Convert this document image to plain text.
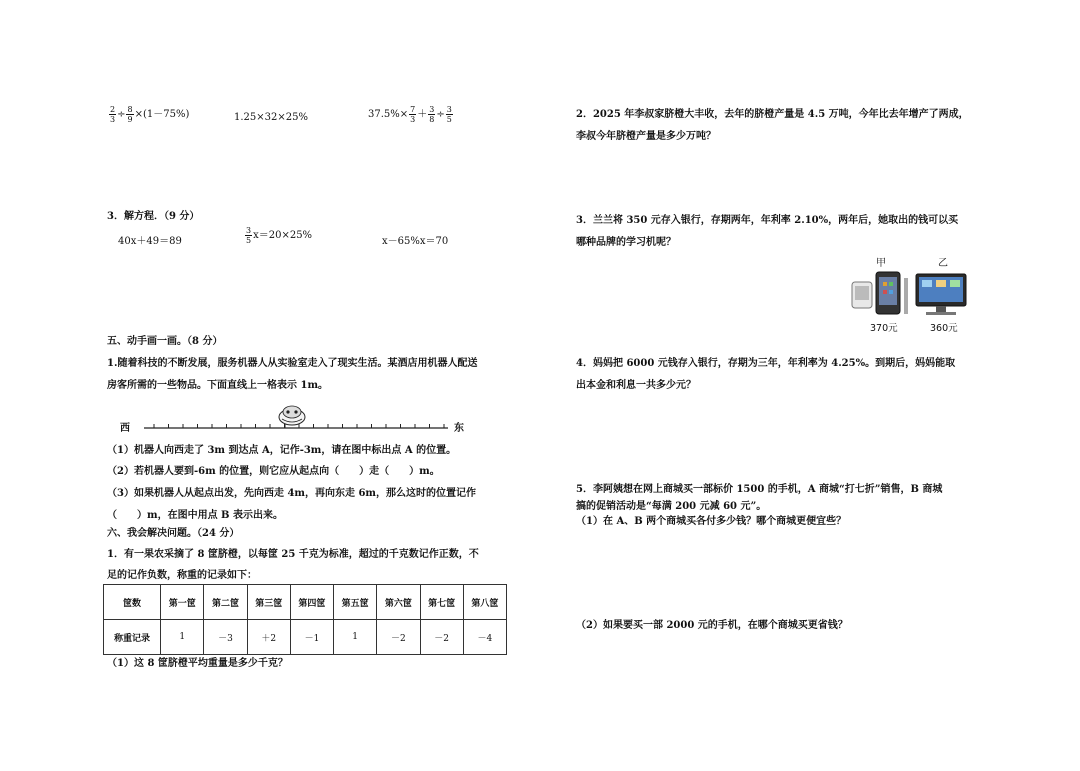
$\frac{2}{3} \div \frac{8}{9} \times(1-75\%)$	1.25×32×25%	$37.5\%\times \frac{7}{3} + \frac{3}{8} \div \frac{3}{5}$
3．解方程．（9 分）
40x＋49＝89	$\frac{3}{5} x=20\times 25\%$
x－65%x＝70
五、动手画一画。（8 分）
1.随着科技的不断发展，服务机器人从实验室走入了现实生活。某酒店用机器人配送
房客所需的一些物品。下面直线上一格表示 1m。
西	东
（1）机器人向西走了 3m 到达点 A，记作-3m，请在图中标出点 A 的位置。
（2）若机器人要到-6m 的位置，则它应从起点向（　　）走（　　）m。
（3）如果机器人从起点出发，先向西走 4m，再向东走 6m，那么这时的位置记作
（　　）m，在图中用点 B 表示出来。
六、我会解决问题。（24 分）
1．有一果农采摘了 8 筐脐橙，以每筐 25 千克为标准，超过的千克数记作正数，不
足的记作负数，称重的记录如下：
筐数	第一筐	第二筐	第三筐	第四筐	第五筐	第六筐	第七筐	第八筐
称重记录	1	－3	＋2	－1	1	－2	－2	－4
（1）这 8 筐脐橙平均重量是多少千克？
2．2025 年李叔家脐橙大丰收，去年的脐橙产量是 4.5 万吨，今年比去年增产了两成，
李叔今年脐橙产量是多少万吨？
3．兰兰将 350 元存入银行，存期两年，年利率 2.10%，两年后，她取出的钱可以买
哪种品牌的学习机呢？
甲	乙
370元	360元
4．妈妈把 6000 元钱存入银行，存期为三年，年利率为 4.25%。到期后，妈妈能取
出本金和利息一共多少元？
5．李阿姨想在网上商城买一部标价 1500 的手机，A 商城“打七折”销售，B 商城
搞的促销活动是“每满 200 元减 60 元”。
（1）在 A、B 两个商城买各付多少钱？哪个商城更便宜些？
（2）如果要买一部 2000 元的手机，在哪个商城买更省钱？
